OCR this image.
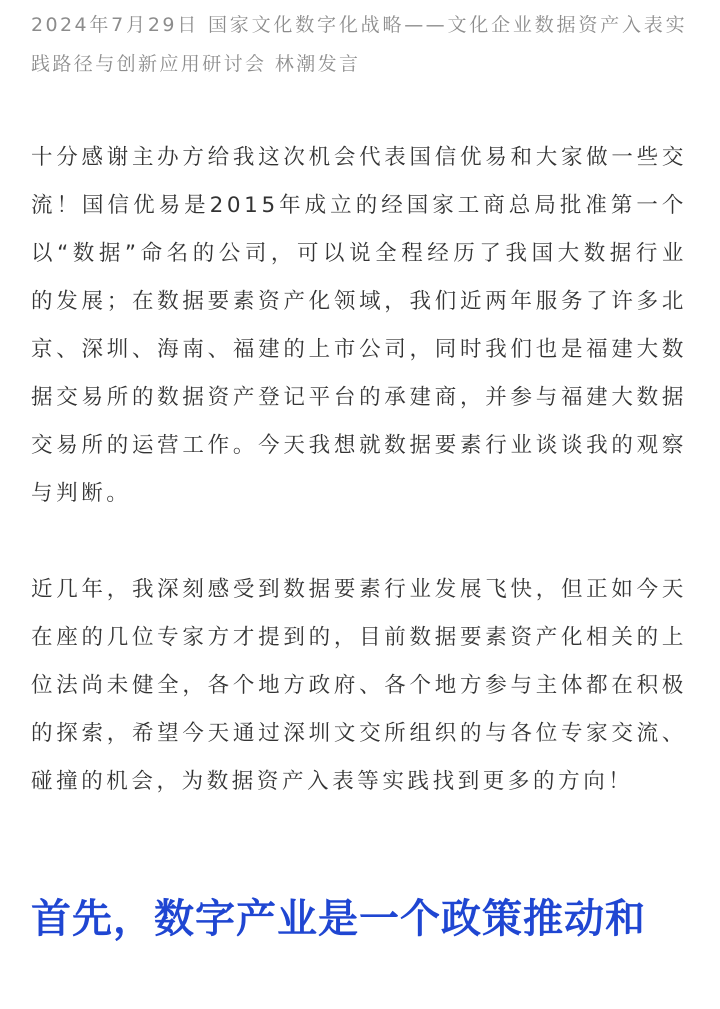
2024年7月29日 国家文化数字化战略——文化企业数据资产入表实践路径与创新应用研讨会 林潮发言

十分感谢主办方给我这次机会代表国信优易和大家做一些交流！国信优易是2015年成立的经国家工商总局批准第一个以“数据”命名的公司，可以说全程经历了我国大数据行业的发展；在数据要素资产化领域，我们近两年服务了许多北京、深圳、海南、福建的上市公司，同时我们也是福建大数据交易所的数据资产登记平台的承建商，并参与福建大数据交易所的运营工作。今天我想就数据要素行业谈谈我的观察与判断。

近几年，我深刻感受到数据要素行业发展飞快，但正如今天在座的几位专家方才提到的，目前数据要素资产化相关的上位法尚未健全，各个地方政府、各个地方参与主体都在积极的探索，希望今天通过深圳文交所组织的与各位专家交流、碰撞的机会，为数据资产入表等实践找到更多的方向！

首先，数字产业是一个政策推动和
